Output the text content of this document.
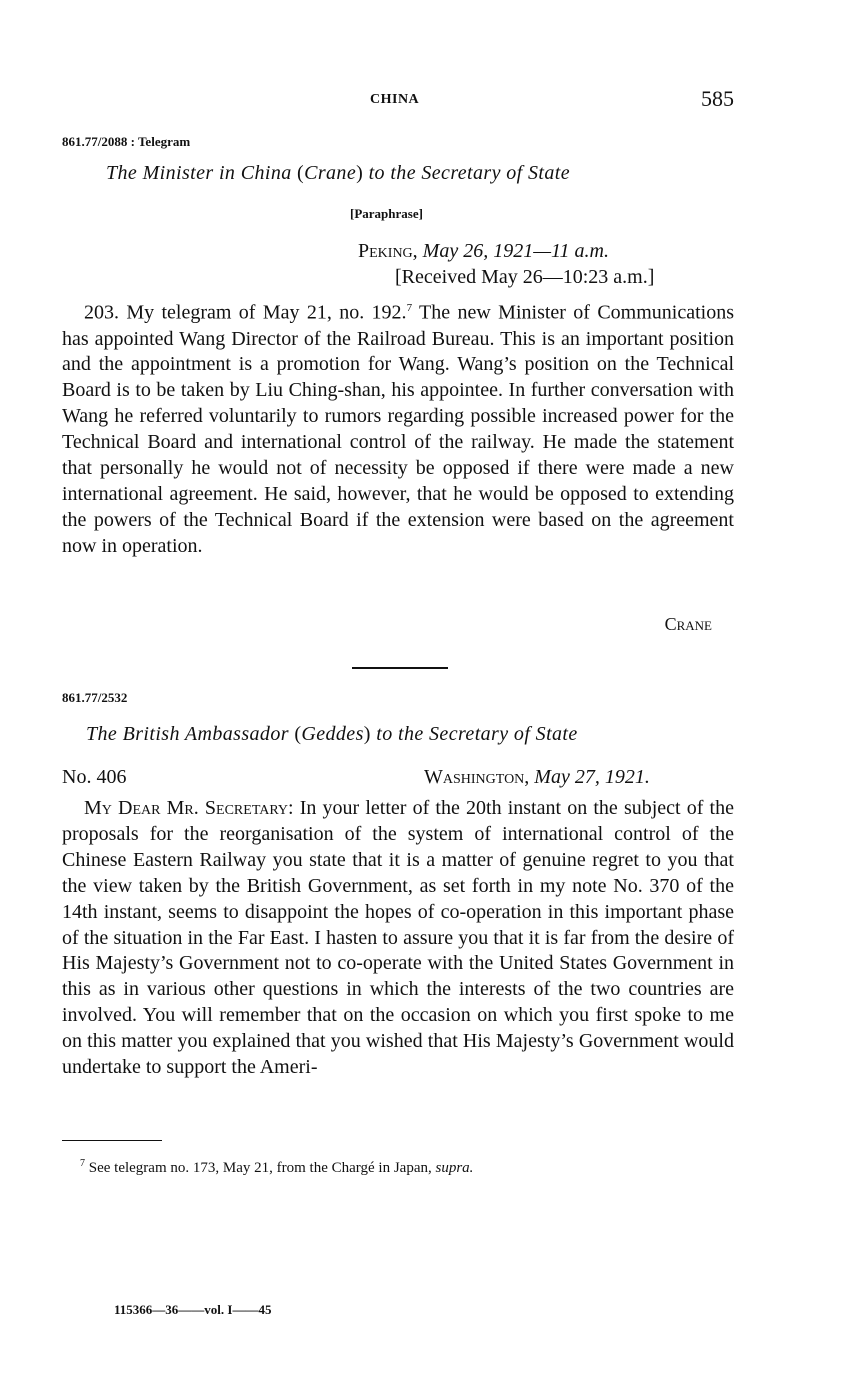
CHINA	585
861.77/2088 : Telegram
The Minister in China (Crane) to the Secretary of State
[Paraphrase]
Peking, May 26, 1921—11 a.m.
[Received May 26—10:23 a.m.]

203. My telegram of May 21, no. 192.$^7$ The new Minister of Communications has appointed Wang Director of the Railroad Bureau. This is an important position and the appointment is a promotion for Wang. Wang’s position on the Technical Board is to be taken by Liu Ching-shan, his appointee. In further conversation with Wang he referred voluntarily to rumors regarding possible increased power for the Technical Board and international control of the railway. He made the statement that personally he would not of necessity be opposed if there were made a new international agreement. He said, however, that he would be opposed to extending the powers of the Technical Board if the extension were based on the agreement now in operation.

Crane
861.77/2532
The British Ambassador (Geddes) to the Secretary of State
No. 406	Washington, May 27, 1921.

My Dear Mr. Secretary: In your letter of the 20th instant on the subject of the proposals for the reorganisation of the system of international control of the Chinese Eastern Railway you state that it is a matter of genuine regret to you that the view taken by the British Government, as set forth in my note No. 370 of the 14th instant, seems to disappoint the hopes of co-operation in this important phase of the situation in the Far East. I hasten to assure you that it is far from the desire of His Majesty’s Government not to co-operate with the United States Government in this as in various other questions in which the interests of the two countries are involved. You will remember that on the occasion on which you first spoke to me on this matter you explained that you wished that His Majesty’s Government would undertake to support the Ameri-

$^7$ See telegram no. 173, May 21, from the Chargé in Japan, supra.
115366—36——vol. I——45
